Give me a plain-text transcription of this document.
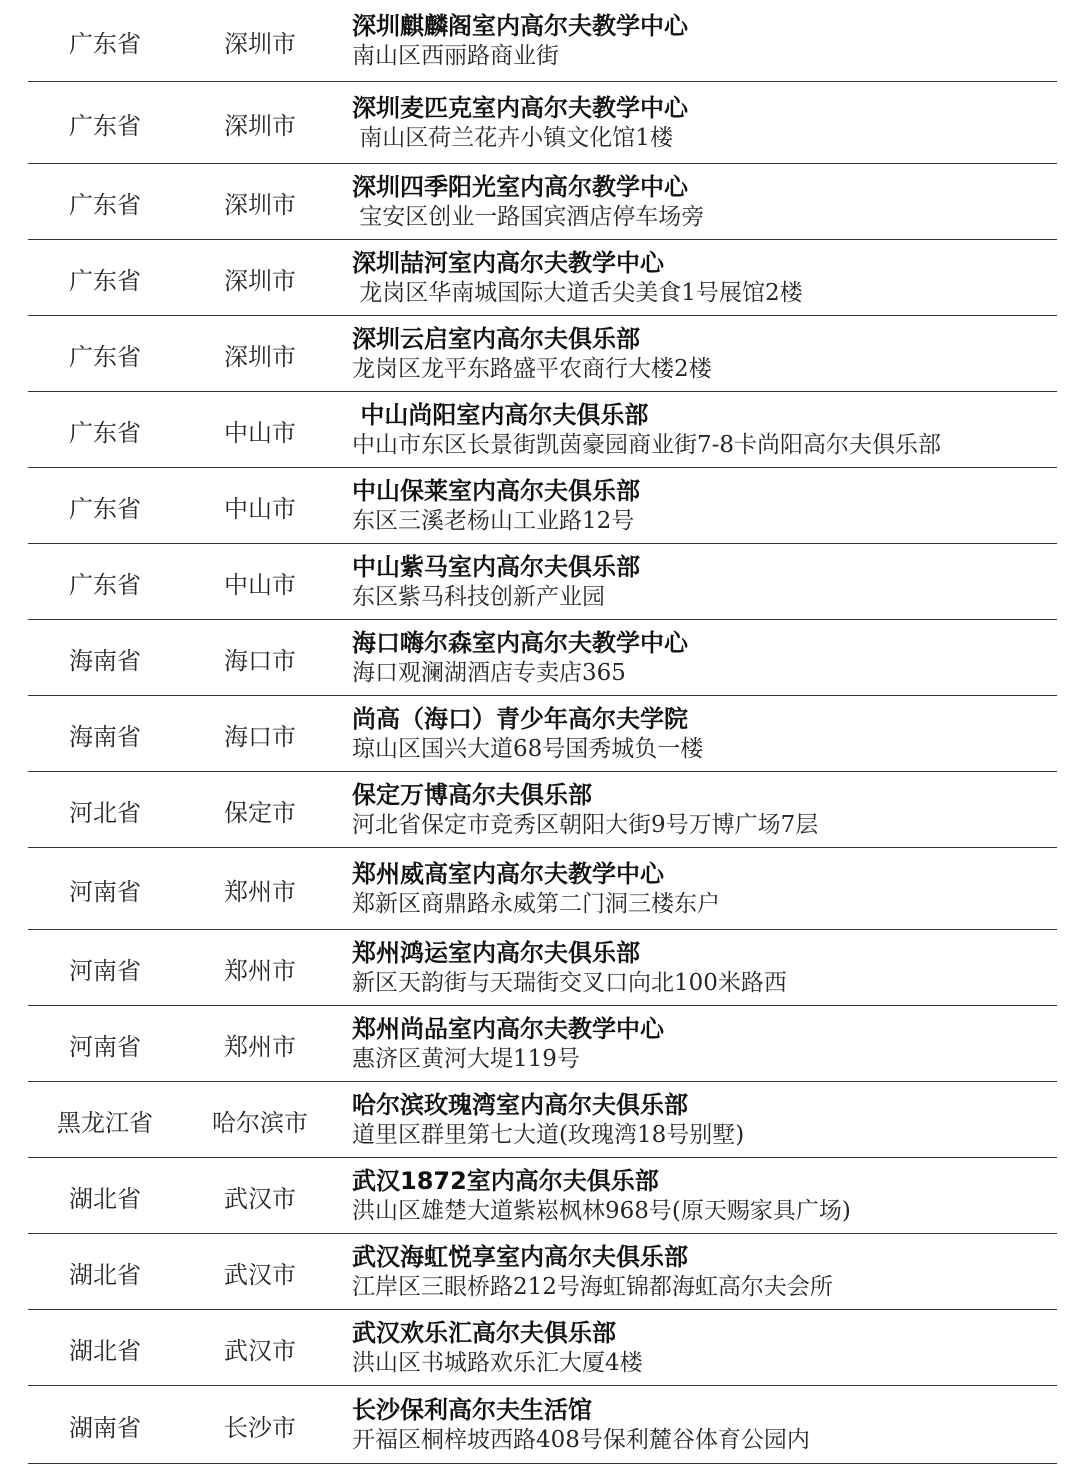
广东省	深圳市
深圳麒麟阁室内高尔夫教学中心
南山区西丽路商业街
广东省	深圳市
深圳麦匹克室内高尔夫教学中心
南山区荷兰花卉小镇文化馆1楼
广东省	深圳市
深圳四季阳光室内高尔教学中心
宝安区创业一路国宾酒店停车场旁
广东省	深圳市
深圳喆河室内高尔夫教学中心
龙岗区华南城国际大道舌尖美食1号展馆2楼
广东省	深圳市
深圳云启室内高尔夫俱乐部
龙岗区龙平东路盛平农商行大楼2楼
广东省	中山市
中山尚阳室内高尔夫俱乐部
中山市东区长景街凯茵豪园商业街7-8卡尚阳高尔夫俱乐部
广东省	中山市
中山保莱室内高尔夫俱乐部
东区三溪老杨山工业路12号
广东省	中山市
中山紫马室内高尔夫俱乐部
东区紫马科技创新产业园
海南省	海口市
海口嗨尔森室内高尔夫教学中心
海口观澜湖酒店专卖店365
海南省	海口市
尚高（海口）青少年高尔夫学院
琼山区国兴大道68号国秀城负一楼
河北省	保定市
保定万博高尔夫俱乐部
河北省保定市竞秀区朝阳大街9号万博广场7层
河南省	郑州市
郑州威高室内高尔夫教学中心
郑新区商鼎路永威第二门洞三楼东户
河南省	郑州市
郑州鸿运室内高尔夫俱乐部
新区天韵街与天瑞街交叉口向北100米路西
河南省	郑州市
郑州尚品室内高尔夫教学中心
惠济区黄河大堤119号
黑龙江省	哈尔滨市
哈尔滨玫瑰湾室内高尔夫俱乐部
道里区群里第七大道(玫瑰湾18号别墅)
湖北省	武汉市
武汉1872室内高尔夫俱乐部
洪山区雄楚大道紫崧枫林968号(原天赐家具广场)
湖北省	武汉市
武汉海虹悦享室内高尔夫俱乐部
江岸区三眼桥路212号海虹锦都海虹高尔夫会所
湖北省	武汉市
武汉欢乐汇高尔夫俱乐部
洪山区书城路欢乐汇大厦4楼
湖南省	长沙市
长沙保利高尔夫生活馆
开福区桐梓坡西路408号保利麓谷体育公园内
